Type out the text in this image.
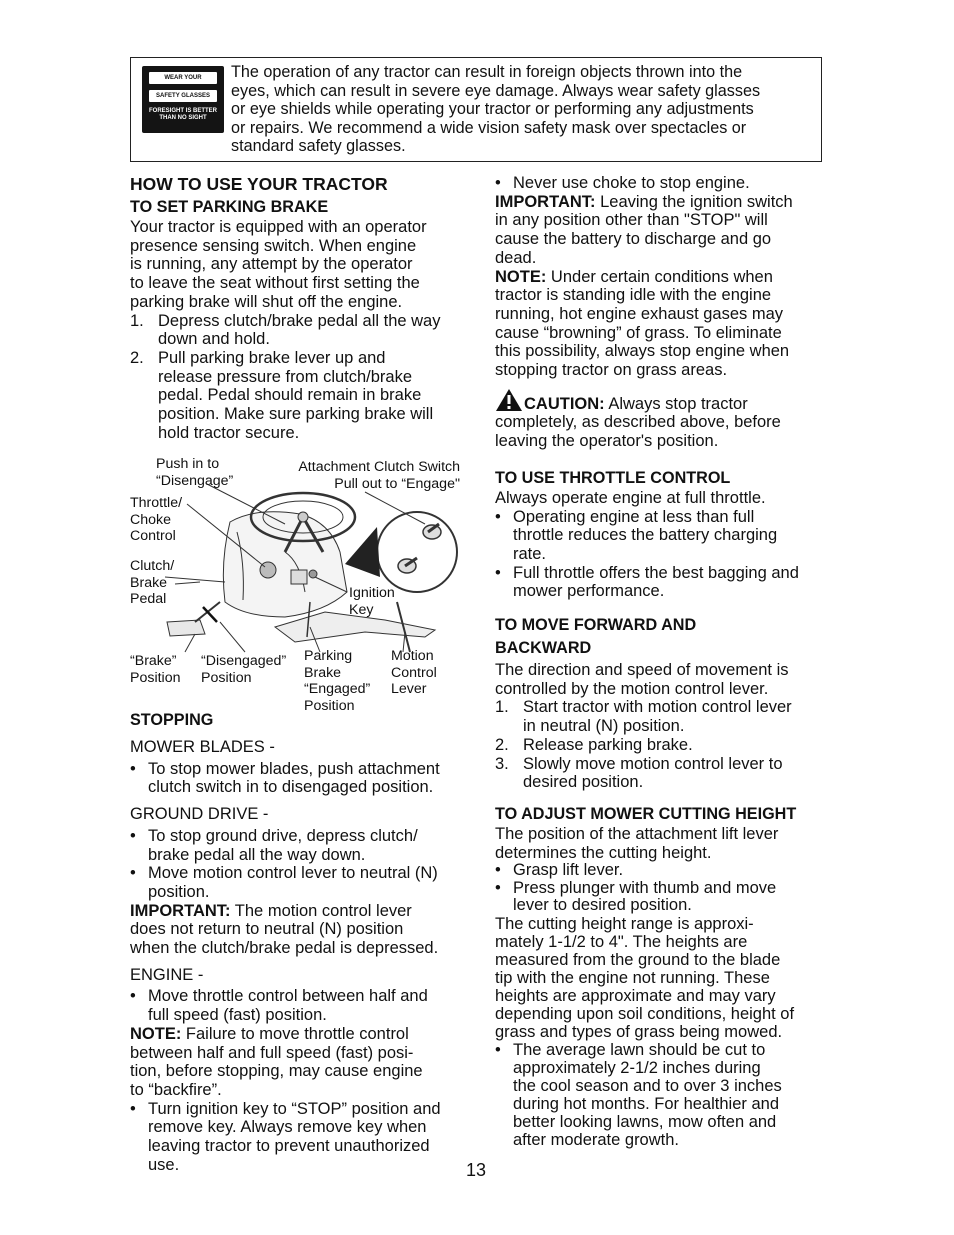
WEAR YOUR
SAFETY GLASSES
FORESIGHT IS BETTER
THAN NO SIGHT
The operation of any tractor can result in foreign objects thrown into the
eyes, which can result in severe eye damage. Always wear safety glasses
or eye shields while operating your tractor or performing any adjustments
or repairs. We recommend a wide vision safety mask over spectacles or
standard safety glasses.
HOW TO USE YOUR TRACTOR
TO SET PARKING BRAKE
Your tractor is equipped with an operator
presence sensing switch. When engine
is running, any attempt by the operator
to leave the seat without first setting the
parking brake will shut off the engine.
1. Depress clutch/brake pedal all the way
down and hold.
2. Pull parking brake lever up and
release pressure from clutch/brake
pedal. Pedal should remain in brake
position. Make sure parking brake will
hold tractor secure.
Push in to
“Disengage”
Attachment Clutch Switch
Pull out to “Engage"
Throttle/
Choke
Control
Clutch/
Brake
Pedal	Ignition
Key
“Brake”
Position
“Disengaged”
Position
Parking
Brake
“Engaged”
Position
Motion
Control
Lever
STOPPING
MOWER BLADES -
• To stop mower blades, push attachment
clutch switch in to disengaged position.
GROUND DRIVE -
• To stop ground drive, depress clutch/
brake pedal all the way down.
• Move motion control lever to neutral (N)
position.
IMPORTANT: The motion control lever
does not return to neutral (N) position
when the clutch/brake pedal is depressed.
ENGINE -
• Move throttle control between half and
full speed (fast) position.
NOTE: Failure to move throttle control
between half and full speed (fast) posi-
tion, before stopping, may cause engine
to “backfire”.
• Turn ignition key to “STOP” position and
remove key. Always remove key when
leaving tractor to prevent unauthorized
use.
• Never use choke to stop engine.
IMPORTANT: Leaving the ignition switch
in any position other than "STOP" will
cause the battery to discharge and go
dead.
NOTE: Under certain conditions when
tractor is standing idle with the engine
running, hot engine exhaust gases may
cause “browning” of grass. To eliminate
this possibility, always stop engine when
stopping tractor on grass areas.
CAUTION: Always stop tractor
completely, as described above, before
leaving the operator's position.
TO USE THROTTLE CONTROL
Always operate engine at full throttle.
• Operating engine at less than full
throttle reduces the battery charging
rate.
• Full throttle offers the best bagging and
mower performance.
TO MOVE FORWARD AND
BACKWARD
The direction and speed of movement is
controlled by the motion control lever.
1. Start tractor with motion control lever
in neutral (N) position.
2. Release parking brake.
3. Slowly move motion control lever to
desired position.
TO ADJUST MOWER CUTTING HEIGHT
The position of the attachment lift lever
determines the cutting height.
• Grasp lift lever.
• Press plunger with thumb and move
lever to desired position.
The cutting height range is approxi-
mately 1-1/2 to 4". The heights are
measured from the ground to the blade
tip with the engine not running. These
heights are approximate and may vary
depending upon soil conditions, height of
grass and types of grass being mowed.
• The average lawn should be cut to
approximately 2-1/2 inches during
the cool season and to over 3 inches
during hot months. For healthier and
better looking lawns, mow often and
after moderate growth.
13
